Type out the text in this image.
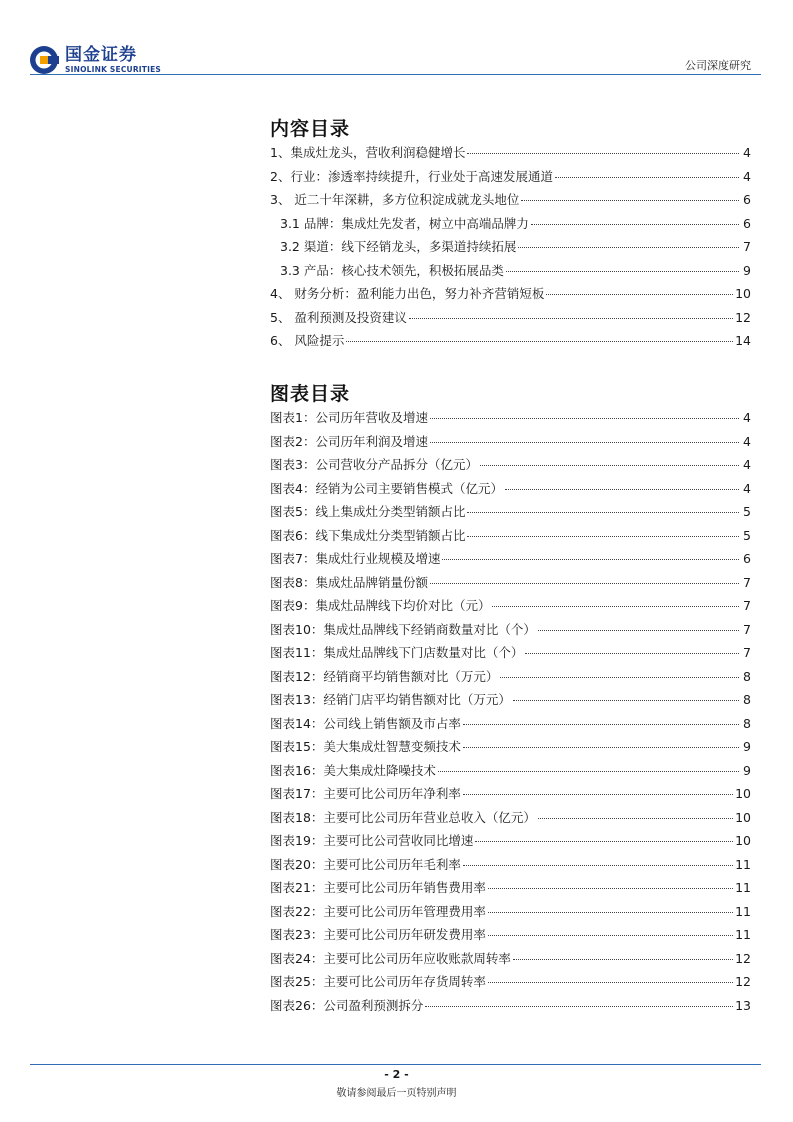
国金证券
SINOLINK SECURITIES	公司深度研究
内容目录
1、集成灶龙头，营收利润稳健增长	4
2、行业：渗透率持续提升，行业处于高速发展通道	4
3、 近二十年深耕，多方位积淀成就龙头地位	6
3.1 品牌：集成灶先发者，树立中高端品牌力	6
3.2 渠道：线下经销龙头，多渠道持续拓展	7
3.3 产品：核心技术领先，积极拓展品类	9
4、 财务分析：盈利能力出色，努力补齐营销短板	10
5、 盈利预测及投资建议	12
6、 风险提示	14
图表目录
图表1：公司历年营收及增速	4
图表2：公司历年利润及增速	4
图表3：公司营收分产品拆分（亿元）	4
图表4：经销为公司主要销售模式（亿元）	4
图表5：线上集成灶分类型销额占比	5
图表6：线下集成灶分类型销额占比	5
图表7：集成灶行业规模及增速	6
图表8：集成灶品牌销量份额	7
图表9：集成灶品牌线下均价对比（元）	7
图表10：集成灶品牌线下经销商数量对比（个）	7
图表11：集成灶品牌线下门店数量对比（个）	7
图表12：经销商平均销售额对比（万元）	8
图表13：经销门店平均销售额对比（万元）	8
图表14：公司线上销售额及市占率	8
图表15：美大集成灶智慧变频技术	9
图表16：美大集成灶降噪技术	9
图表17：主要可比公司历年净利率	10
图表18：主要可比公司历年营业总收入（亿元）	10
图表19：主要可比公司营收同比增速	10
图表20：主要可比公司历年毛利率	11
图表21：主要可比公司历年销售费用率	11
图表22：主要可比公司历年管理费用率	11
图表23：主要可比公司历年研发费用率	11
图表24：主要可比公司历年应收账款周转率	12
图表25：主要可比公司历年存货周转率	12
图表26：公司盈利预测拆分	13
- 2 -
敬请参阅最后一页特别声明
